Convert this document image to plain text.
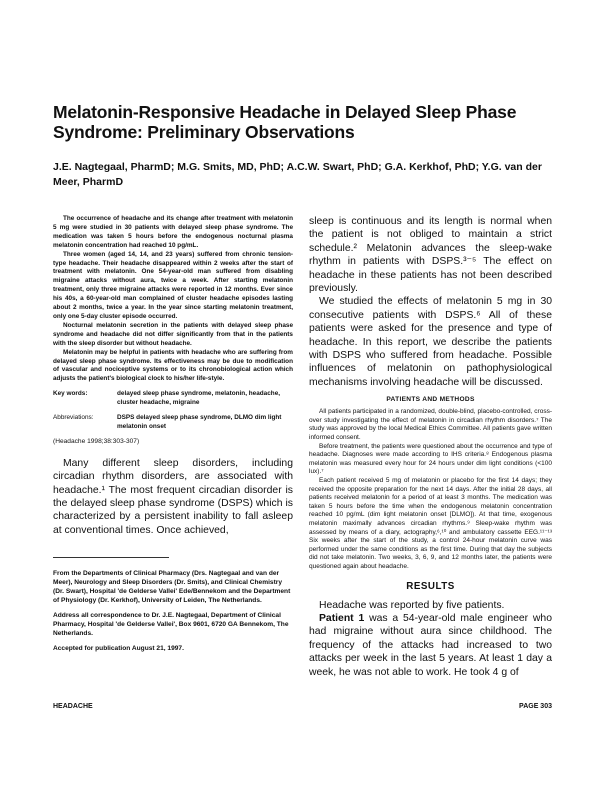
Melatonin-Responsive Headache in Delayed Sleep Phase Syndrome: Preliminary Observations
J.E. Nagtegaal, PharmD; M.G. Smits, MD, PhD; A.C.W. Swart, PhD; G.A. Kerkhof, PhD; Y.G. van der Meer, PharmD

The occurrence of headache and its change after treatment with melatonin 5 mg were studied in 30 patients with delayed sleep phase syndrome. The medication was taken 5 hours before the endogenous nocturnal plasma melatonin concentration had reached 10 pg/mL.

Three women (aged 14, 14, and 23 years) suffered from chronic tension-type headache. Their headache disappeared within 2 weeks after the start of treatment with melatonin. One 54-year-old man suffered from disabling migraine attacks without aura, twice a week. After starting melatonin treatment, only three migraine attacks were reported in 12 months. Ever since his 40s, a 60-year-old man complained of cluster headache episodes lasting about 2 months, twice a year. In the year since starting melatonin treatment, only one 5-day cluster episode occurred.

Nocturnal melatonin secretion in the patients with delayed sleep phase syndrome and headache did not differ significantly from that in the patients with the sleep disorder but without headache.

Melatonin may be helpful in patients with headache who are suffering from delayed sleep phase syndrome. Its effectiveness may be due to modification of vascular and nociceptive systems or to its chronobiological action which adjusts the patient's biological clock to his/her life-style.

Key words:	delayed sleep phase syndrome, melatonin, headache, cluster headache, migraine
Abbreviations:	DSPS delayed sleep phase syndrome, DLMO dim light melatonin onset
(Headache 1998;38:303-307)

Many different sleep disorders, including circadian rhythm disorders, are associated with headache.¹ The most frequent circadian disorder is the delayed sleep phase syndrome (DSPS) which is characterized by a persistent inability to fall asleep at conventional times. Once achieved,

From the Departments of Clinical Pharmacy (Drs. Nagtegaal and van der Meer), Neurology and Sleep Disorders (Dr. Smits), and Clinical Chemistry (Dr. Swart), Hospital 'de Gelderse Vallei' Ede/Bennekom and the Department of Physiology (Dr. Kerkhof), University of Leiden, The Netherlands.

Address all correspondence to Dr. J.E. Nagtegaal, Department of Clinical Pharmacy, Hospital 'de Gelderse Vallei', Box 9601, 6720 GA Bennekom, The Netherlands.

Accepted for publication August 21, 1997.

sleep is continuous and its length is normal when the patient is not obliged to maintain a strict schedule.² Melatonin advances the sleep-wake rhythm in patients with DSPS.³⁻⁵ The effect on headache in these patients has not been described previously.

We studied the effects of melatonin 5 mg in 30 consecutive patients with DSPS.⁶ All of these patients were asked for the presence and type of headache. In this report, we describe the patients with DSPS who suffered from headache. Possible influences of melatonin on pathophysiological mechanisms involving headache will be discussed.

PATIENTS AND METHODS

All patients participated in a randomized, double-blind, placebo-controlled, cross-over study investigating the effect of melatonin in circadian rhythm disorders.⁷ The study was approved by the local Medical Ethics Committee. All patients gave written informed consent.

Before treatment, the patients were questioned about the occurrence and type of headache. Diagnoses were made according to IHS criteria.⁸ Endogenous plasma melatonin was measured every hour for 24 hours under dim light conditions (<100 lux).⁷

Each patient received 5 mg of melatonin or placebo for the first 14 days; they received the opposite preparation for the next 14 days. After the initial 28 days, all patients received melatonin for a period of at least 3 months. The medication was taken 5 hours before the time when the endogenous melatonin concentration reached 10 pg/mL (dim light melatonin onset [DLMO]). At that time, exogenous melatonin maximally advances circadian rhythms.⁹ Sleep-wake rhythm was assessed by means of a diary, actography,⁶,¹⁰ and ambulatory cassette EEG.¹¹⁻¹³ Six weeks after the start of the study, a control 24-hour melatonin curve was performed under the same conditions as the first time. During that day the subjects did not take melatonin. Two weeks, 3, 6, 9, and 12 months later, the patients were questioned again about headache.

RESULTS

Headache was reported by five patients.

Patient 1 was a 54-year-old male engineer who had migraine without aura since childhood. The frequency of the attacks had increased to two attacks per week in the last 5 years. At least 1 day a week, he was not able to work. He took 4 g of

HEADACHE	PAGE 303
